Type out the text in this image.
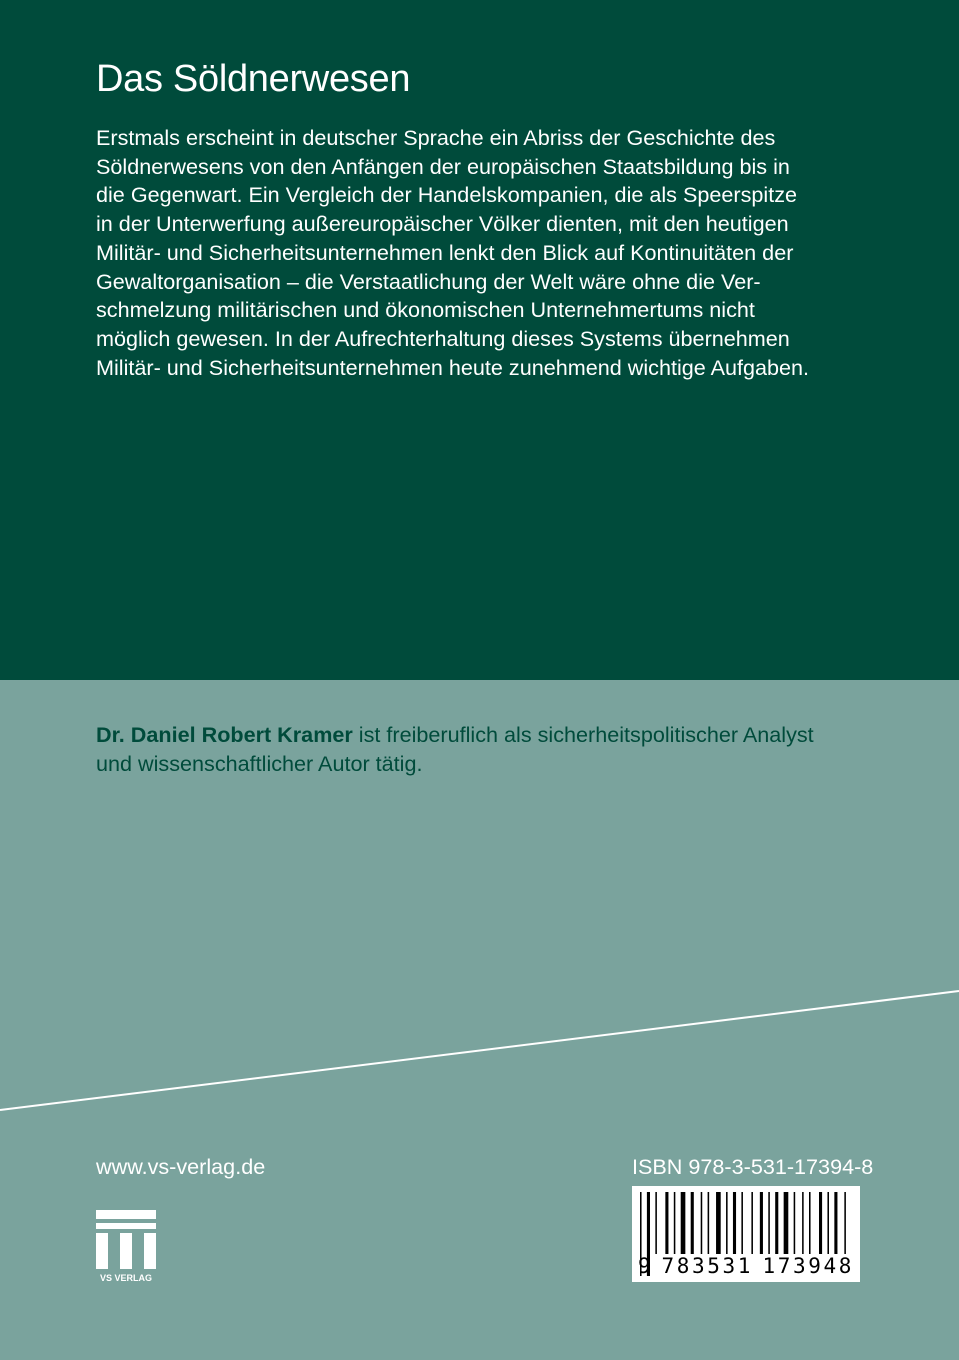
Das Söldnerwesen
Erstmals erscheint in deutscher Sprache ein Abriss der Geschichte des
Söldnerwesens von den Anfängen der europäischen Staatsbildung bis in
die Gegenwart. Ein Vergleich der Handelskompanien, die als Speerspitze
in der Unterwerfung außereuropäischer Völker dienten, mit den heutigen
Militär- und Sicherheitsunternehmen lenkt den Blick auf Kontinuitäten der
Gewaltorganisation – die Verstaatlichung der Welt wäre ohne die Ver-
schmelzung militärischen und ökonomischen Unternehmertums nicht
möglich gewesen. In der Aufrechterhaltung dieses Systems übernehmen
Militär- und Sicherheitsunternehmen heute zunehmend wichtige Aufgaben.
Dr. Daniel Robert Kramer ist freiberuflich als sicherheitspolitischer Analyst
und wissenschaftlicher Autor tätig.
www.vs-verlag.de
VS VERLAG
ISBN 978-3-531-17394-8
9 783531 173948
